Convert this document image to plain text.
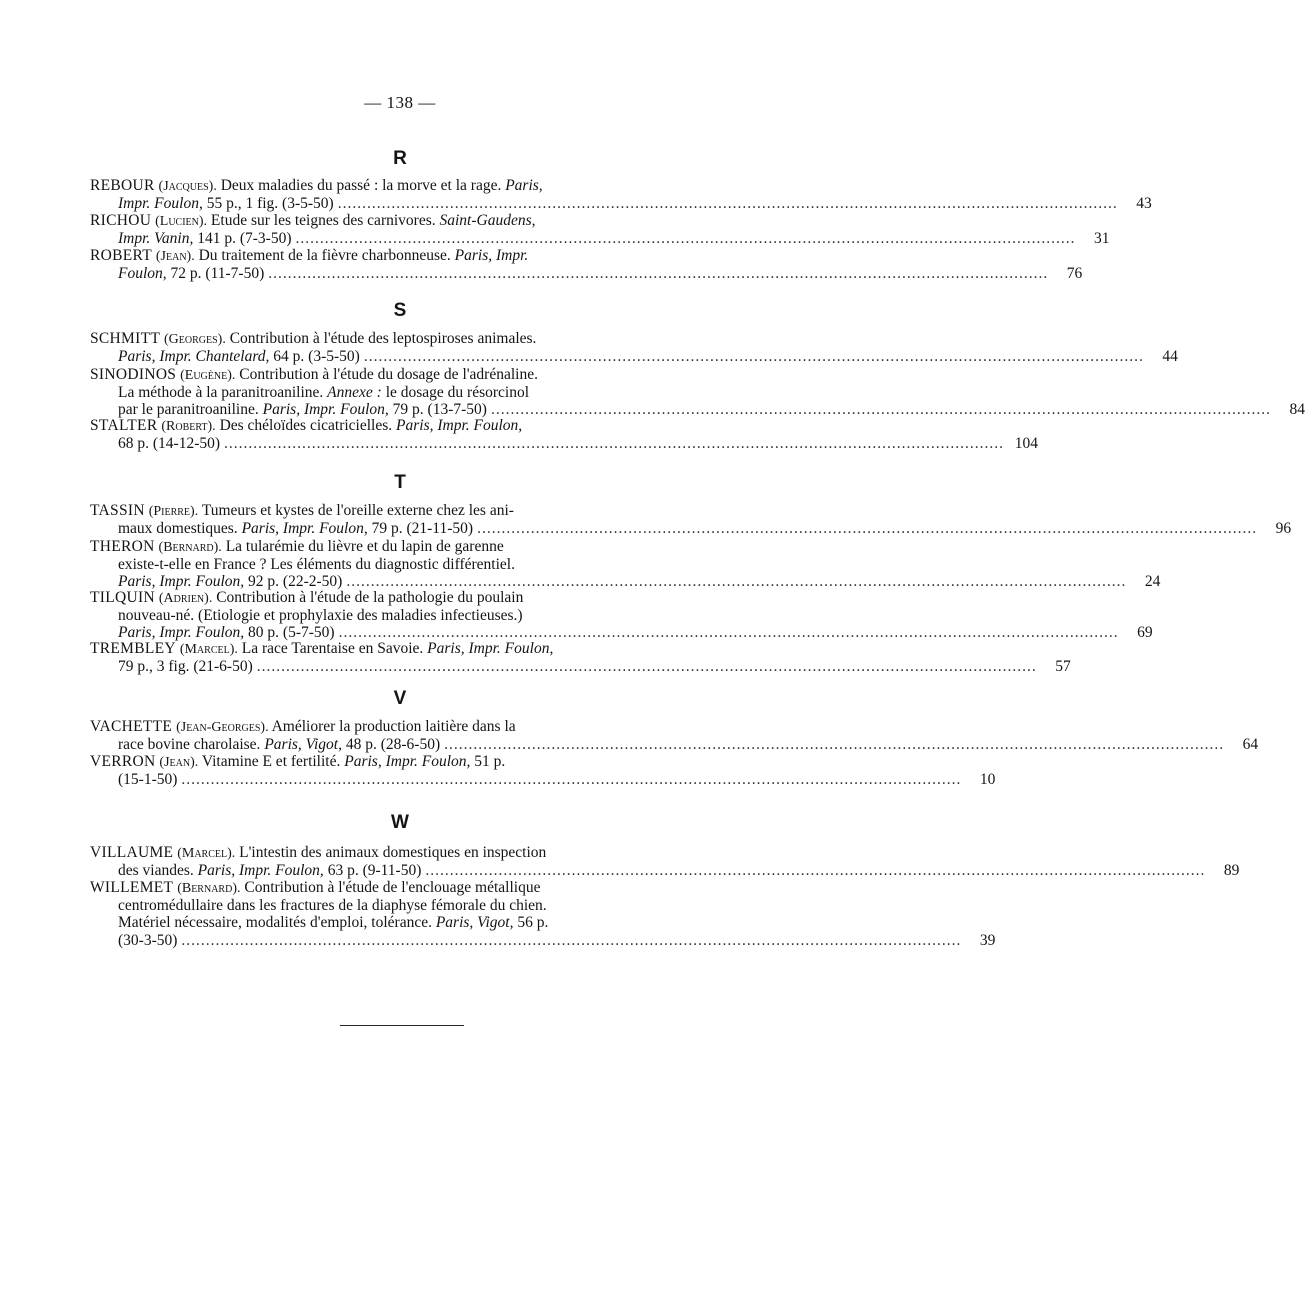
— 138 —
R
REBOUR (Jacques). Deux maladies du passé : la morve et la rage. Paris,
Impr. Foulon, 55 p., 1 fig. (3-5-50) ................................................................................................................................................................	43
RICHOU (Lucien). Etude sur les teignes des carnivores. Saint-Gaudens,
Impr. Vanin, 141 p. (7-3-50) ................................................................................................................................................................	31
ROBERT (Jean). Du traitement de la fièvre charbonneuse. Paris, Impr.
Foulon, 72 p. (11-7-50) ................................................................................................................................................................	76
S
SCHMITT (Georges). Contribution à l'étude des leptospiroses animales.
Paris, Impr. Chantelard, 64 p. (3-5-50) ................................................................................................................................................................	44
SINODINOS (Eugène). Contribution à l'étude du dosage de l'adrénaline.
La méthode à la paranitroaniline. Annexe : le dosage du résorcinol
par le paranitroaniline. Paris, Impr. Foulon, 79 p. (13-7-50) ................................................................................................................................................................	84
STALTER (Robert). Des chéloïdes cicatricielles. Paris, Impr. Foulon,
68 p. (14-12-50) ................................................................................................................................................................ 104
T
TASSIN (Pierre). Tumeurs et kystes de l'oreille externe chez les ani-
maux domestiques. Paris, Impr. Foulon, 79 p. (21-11-50) ................................................................................................................................................................	96
THERON (Bernard). La tularémie du lièvre et du lapin de garenne
existe-t-elle en France ? Les éléments du diagnostic différentiel.
Paris, Impr. Foulon, 92 p. (22-2-50) ................................................................................................................................................................	24
TILQUIN (Adrien). Contribution à l'étude de la pathologie du poulain
nouveau-né. (Etiologie et prophylaxie des maladies infectieuses.)
Paris, Impr. Foulon, 80 p. (5-7-50) ................................................................................................................................................................	69
TREMBLEY (Marcel). La race Tarentaise en Savoie. Paris, Impr. Foulon,
79 p., 3 fig. (21-6-50) ................................................................................................................................................................	57
V
VACHETTE (Jean-Georges). Améliorer la production laitière dans la
race bovine charolaise. Paris, Vigot, 48 p. (28-6-50) ................................................................................................................................................................	64
VERRON (Jean). Vitamine E et fertilité. Paris, Impr. Foulon, 51 p.
(15-1-50) ................................................................................................................................................................	10
W
VILLAUME (Marcel). L'intestin des animaux domestiques en inspection
des viandes. Paris, Impr. Foulon, 63 p. (9-11-50) ................................................................................................................................................................	89
WILLEMET (Bernard). Contribution à l'étude de l'enclouage métallique
centromédullaire dans les fractures de la diaphyse fémorale du chien.
Matériel nécessaire, modalités d'emploi, tolérance. Paris, Vigot, 56 p.
(30-3-50) ................................................................................................................................................................	39
